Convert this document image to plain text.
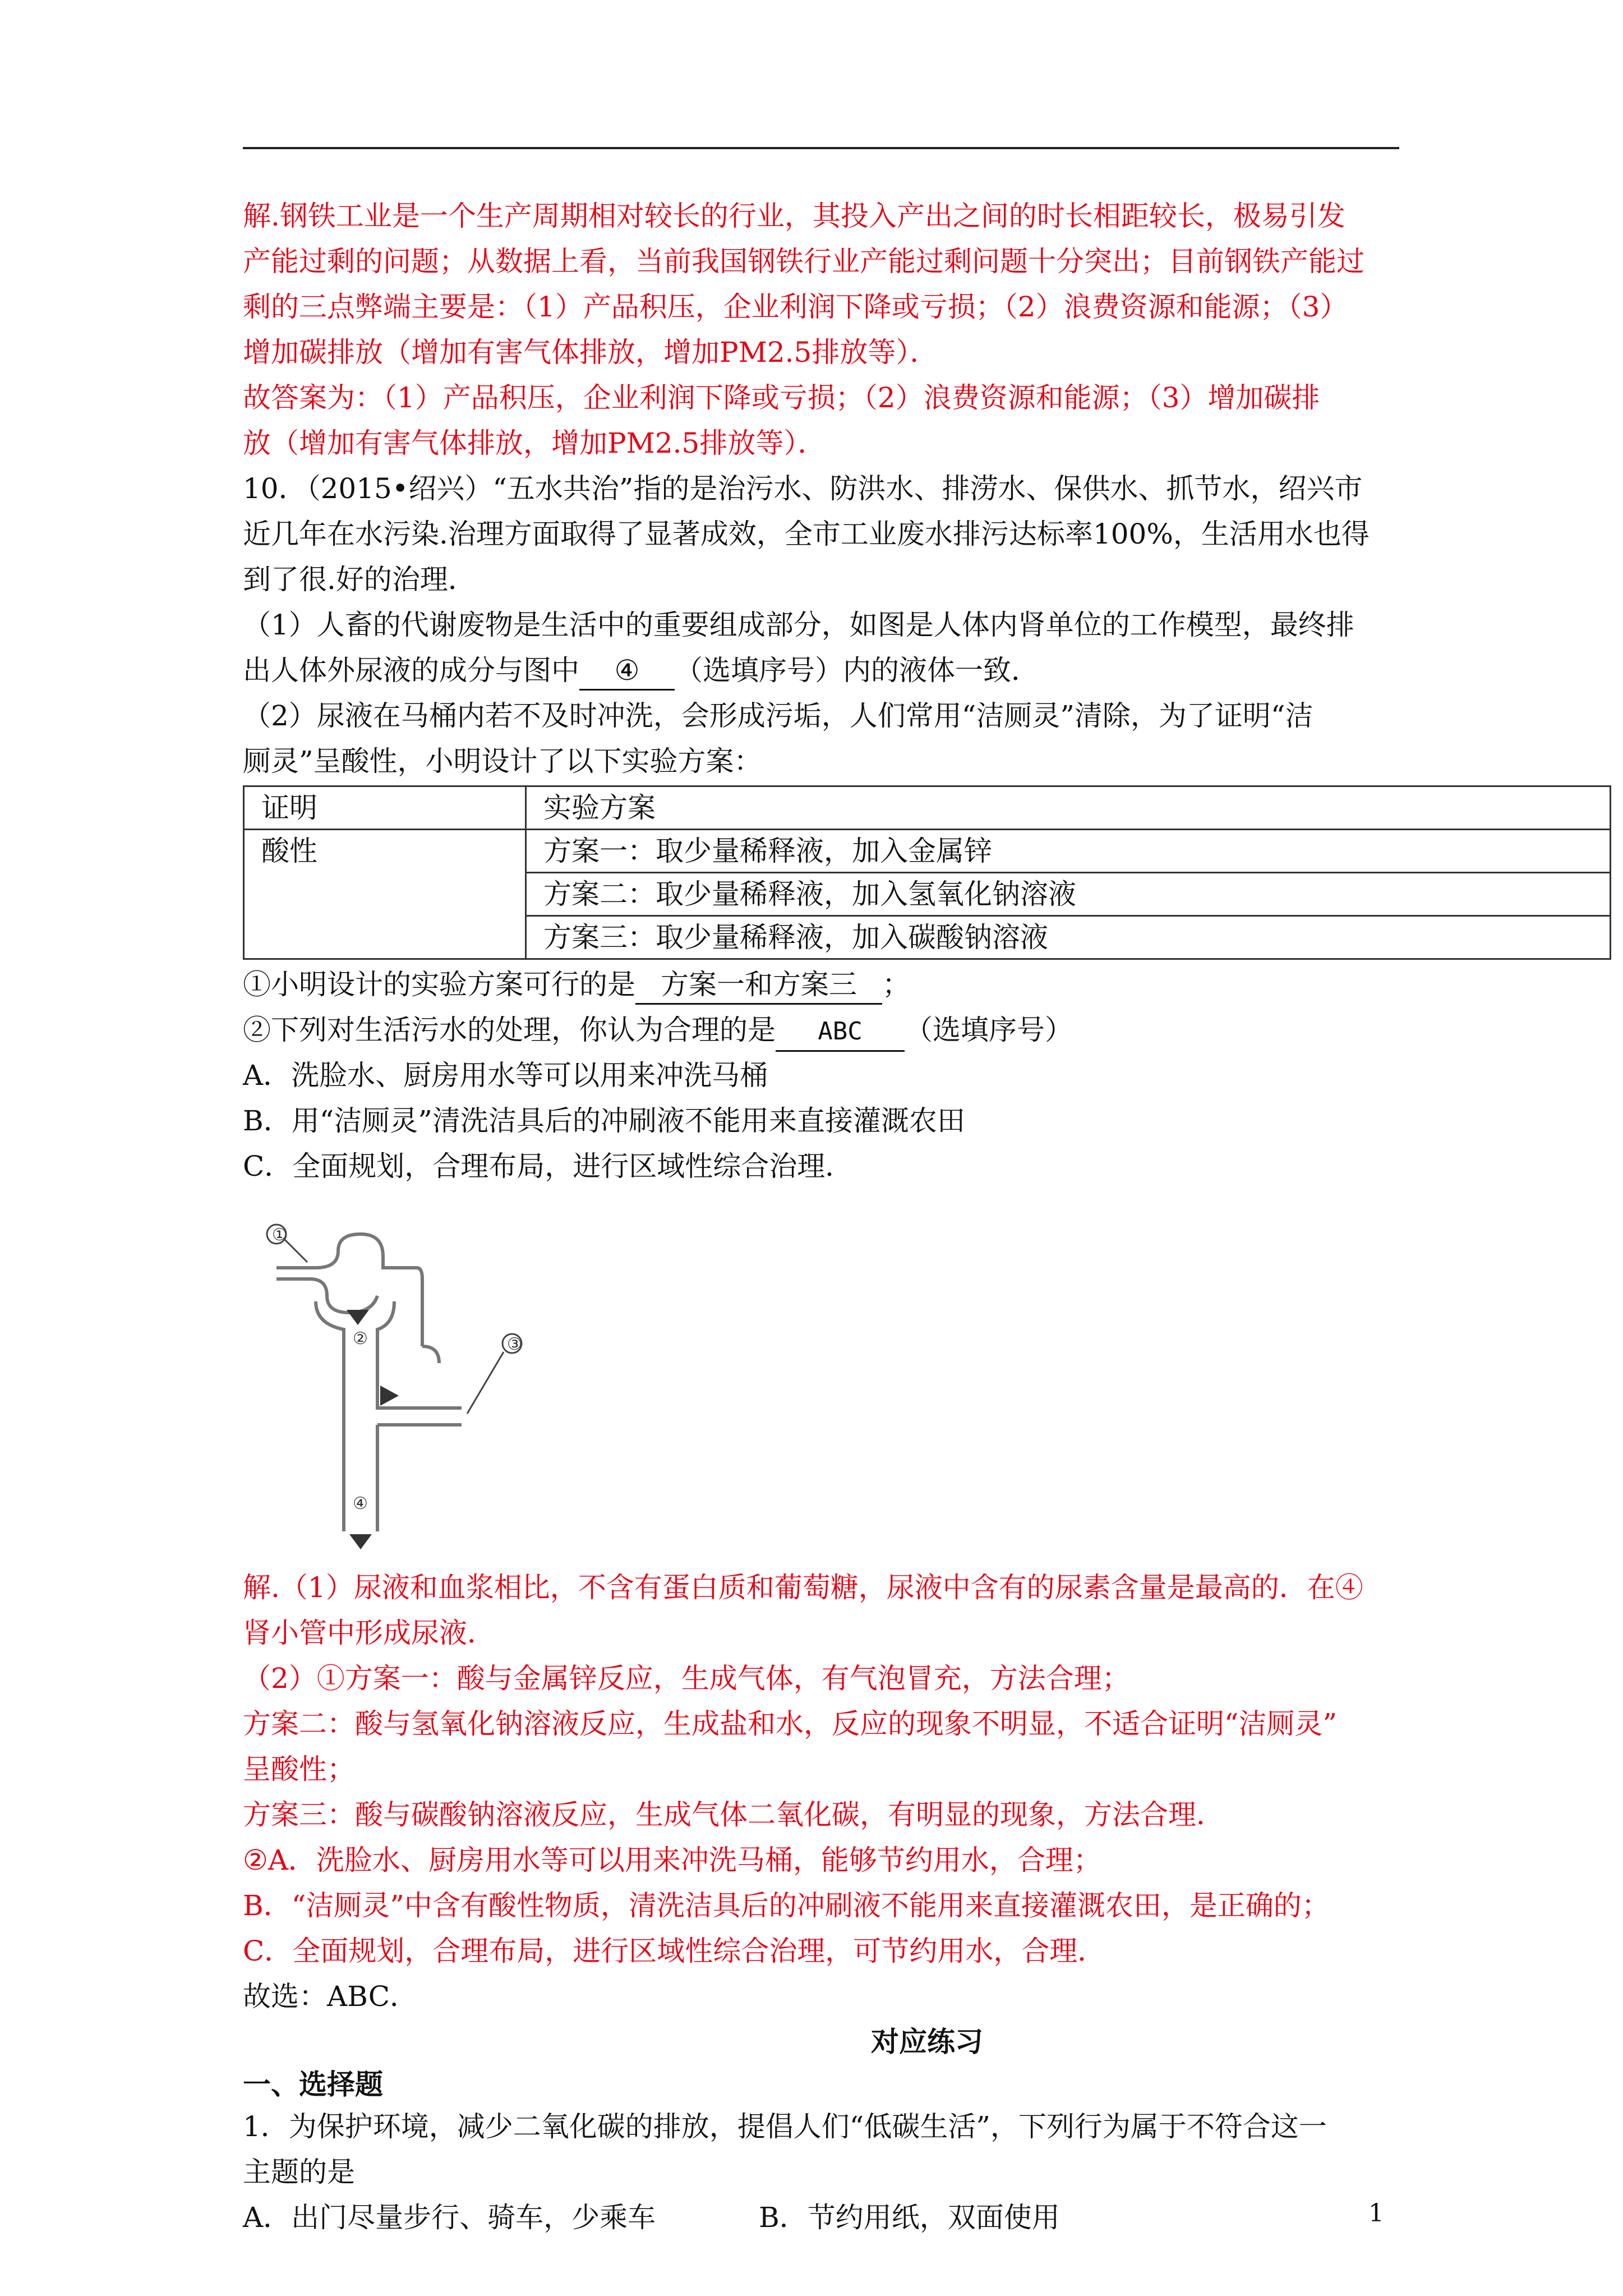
解.钢铁工业是一个生产周期相对较长的行业，其投入产出之间的时长相距较长，极易引发

产能过剩的问题；从数据上看，当前我国钢铁行业产能过剩问题十分突出；目前钢铁产能过

剩的三点弊端主要是：（1）产品积压，企业利润下降或亏损；（2）浪费资源和能源；（3）

增加碳排放（增加有害气体排放，增加PM2.5排放等）．

故答案为：（1）产品积压，企业利润下降或亏损；（2）浪费资源和能源；（3）增加碳排

放（增加有害气体排放，增加PM2.5排放等）．

10．（2015•绍兴）“五水共治”指的是治污水、防洪水、排涝水、保供水、抓节水，绍兴市

近几年在水污染.治理方面取得了显著成效，全市工业废水排污达标率100%，生活用水也得

到了很.好的治理．

（1）人畜的代谢废物是生活中的重要组成部分，如图是人体内肾单位的工作模型，最终排

出人体外尿液的成分与图中 ④ （选填序号）内的液体一致．

（2）尿液在马桶内若不及时冲洗，会形成污垢，人们常用“洁厕灵”清除，为了证明“洁

厕灵”呈酸性，小明设计了以下实验方案：

证明	实验方案
酸性	方案一：取少量稀释液，加入金属锌
	方案二：取少量稀释液，加入氢氧化钠溶液
	方案三：取少量稀释液，加入碳酸钠溶液

①小明设计的实验方案可行的是 方案一和方案三 ；

②下列对生活污水的处理，你认为合理的是 ABC （选填序号）

A．洗脸水、厨房用水等可以用来冲洗马桶

B．用“洁厕灵”清洗洁具后的冲刷液不能用来直接灌溉农田

C．全面规划，合理布局，进行区域性综合治理．

①
②	③
④

解.（1）尿液和血浆相比，不含有蛋白质和葡萄糖，尿液中含有的尿素含量是最高的．在④

肾小管中形成尿液．

（2）①方案一：酸与金属锌反应，生成气体，有气泡冒充，方法合理；

方案二：酸与氢氧化钠溶液反应，生成盐和水，反应的现象不明显，不适合证明“洁厕灵”

呈酸性；

方案三：酸与碳酸钠溶液反应，生成气体二氧化碳，有明显的现象，方法合理．

②A．洗脸水、厨房用水等可以用来冲洗马桶，能够节约用水，合理；

B．“洁厕灵”中含有酸性物质，清洗洁具后的冲刷液不能用来直接灌溉农田，是正确的；

C．全面规划，合理布局，进行区域性综合治理，可节约用水，合理．

故选：ABC．

对应练习

一、选择题

1．为保护环境，减少二氧化碳的排放，提倡人们“低碳生活”，下列行为属于不符合这一

主题的是

A．出门尽量步行、骑车，少乘车	B．节约用纸，双面使用	1
